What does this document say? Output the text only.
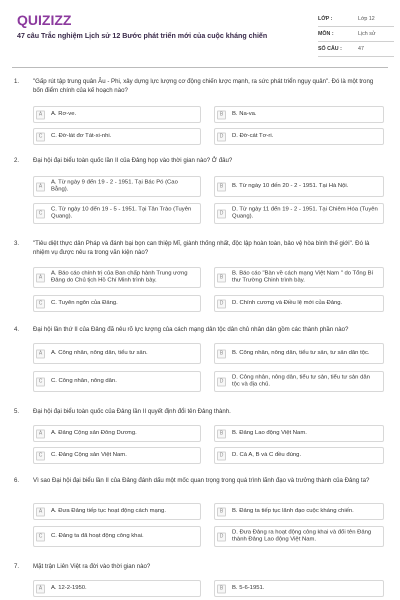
QUIZIZZ
47 câu Trắc nghiệm Lịch sử 12 Bước phát triển mới của cuộc kháng chiến
LỚP :	Lớp 12
MÔN :	Lịch sử
SỐ CÂU :	47
1. "Gấp rút tập trung quân Âu - Phi, xây dựng lực lượng cơ động chiến lược mạnh, ra sức phát triển ngụy quân". Đó là một trong bốn điểm chính của kế hoạch nào?
A	A. Rơ-ve.	B	B. Na-va.
C	C. Đờ-lát đơ Tát-xi-nhi.	D	D. Đờ-cát Tơ-ri.
2. Đại hội đại biểu toàn quốc lần II của Đảng họp vào thời gian nào? Ở đâu?
A
A. Từ ngày 9 đến 19 - 2 - 1951. Tại Bác Pó (Cao Bằng).
B	B. Từ ngày 10 đến 20 - 2 - 1951. Tại Hà Nội.
C
C. Từ ngày 10 đến 19 - 5 - 1951. Tại Tân Trào (Tuyên Quang).
D
D. Từ ngày 11 đến 19 - 2 - 1951. Tại Chiêm Hóa (Tuyên Quang).
3. "Tiêu diệt thực dân Pháp và đánh bại bọn can thiệp Mĩ, giành thống nhất, độc lập hoàn toàn, bảo vệ hòa bình thế giới". Đó là nhiệm vụ được nêu ra trong văn kiện nào?
A
A. Báo cáo chính trị của Ban chấp hành Trung ương Đảng do Chủ tịch Hồ Chí Minh trình bày.
B
B. Báo cáo "Bàn về cách mạng Việt Nam " do Tổng Bí thư Trường Chinh trình bày.
C	C. Tuyên ngôn của Đảng.	D	D. Chính cương và Điều lệ mới của Đảng.
4. Đại hội lần thứ II của Đảng đã nêu rõ lực lượng của cách mạng dân tộc dân chủ nhân dân gồm các thành phần nào?
A	A. Công nhân, nông dân, tiểu tư sản.	B	B. Công nhân, nông dân, tiểu tư sản, tư sản dân tộc.
C	C. Công nhân, nông dân.	D
D. Công nhân, nông dân, tiểu tư sản, tiểu tư sản dân tộc và địa chủ.
5. Đại hội đại biểu toàn quốc của Đảng lần II quyết định đổi tên Đảng thành.
A	A. Đảng Cộng sản Đông Dương.	B	B. Đảng Lao động Việt Nam.
C	C. Đảng Cộng sản Việt Nam.	D	D. Cả A, B và C đều đúng.
6. Vì sao Đại hội đại biểu lần II của Đảng đánh dấu một mốc quan trọng trong quá trình lãnh đạo và trưởng thành của Đảng ta?
A	A. Đưa Đảng tiếp tục hoạt động cách mạng.	B	B. Đảng ta tiếp tục lãnh đạo cuộc kháng chiến.
C	C. Đảng ta đã hoạt động công khai.	D
D. Đưa Đảng ra hoạt động công khai và đổi tên Đảng thành Đảng Lao động Việt Nam.
7. Mặt trận Liên Việt ra đời vào thời gian nào?
A	A. 12-2-1950.	B	B. 5-6-1951.
